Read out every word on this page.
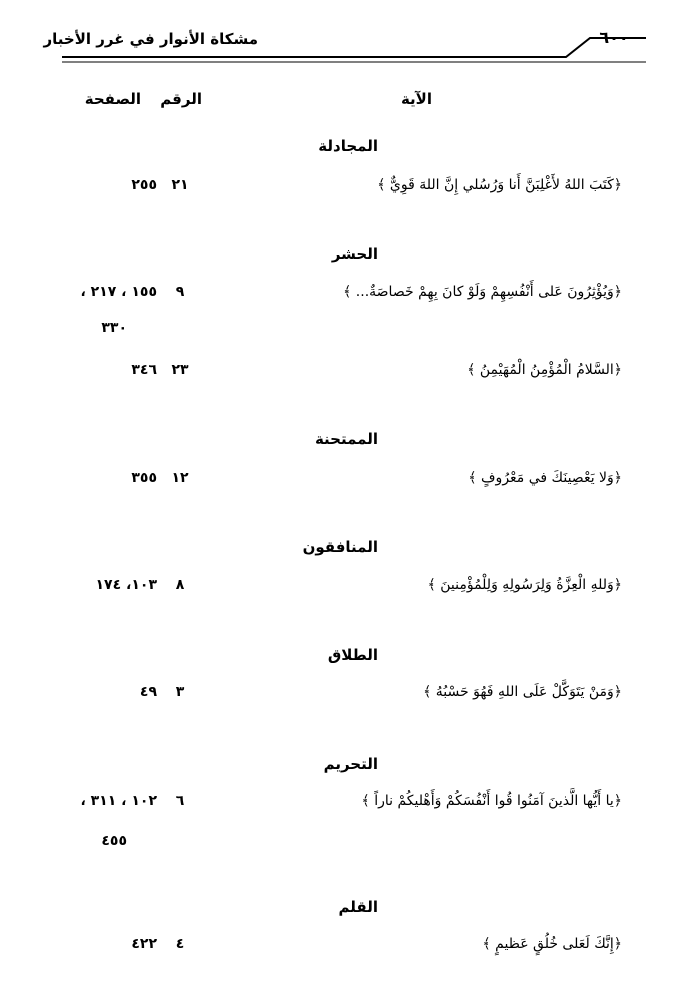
مشكاة الأنوار في غرر الأخبار	٦٠٠
الآية
الرقم
الصفحة
المجادلة
﴿كَتَبَ اللهُ لأَغْلِبَنَّ أَنا وَرُسُلي إِنَّ اللهَ قَوِيٌّ ﴾
٢١
٢٥٥
الحشر
﴿وَيُؤْثِرُونَ عَلى أَنْفُسِهِمْ وَلَوْ كانَ بِهِمْ خَصاصَةٌ... ﴾
٩
١٥٥ ، ٢١٧ ،
٣٣٠
﴿السَّلامُ الْمُؤْمِنُ الْمُهَيْمِنُ ﴾
٢٣
٣٤٦
الممتحنة
﴿وَلا يَعْصِينَكَ في مَعْرُوفٍ ﴾
١٢
٣٥٥
المنافقون
﴿وَللهِ الْعِزَّةُ وَلِرَسُولِهِ وَلِلْمُؤْمِنينَ ﴾
٨
١٠٣، ١٧٤
الطلاق
﴿وَمَنْ يَتَوَكَّلْ عَلَى اللهِ فَهُوَ حَسْبُهُ ﴾
٣
٤٩
التحريم
﴿يا أَيُّها الَّذينَ آمَنُوا قُوا أَنْفُسَكُمْ وَأَهْليكُمْ ناراً ﴾
٦
١٠٢ ، ٣١١ ،
٤٥٥
القلم
﴿إِنَّكَ لَعَلى خُلُقٍ عَظيمٍ ﴾
٤
٤٢٢
